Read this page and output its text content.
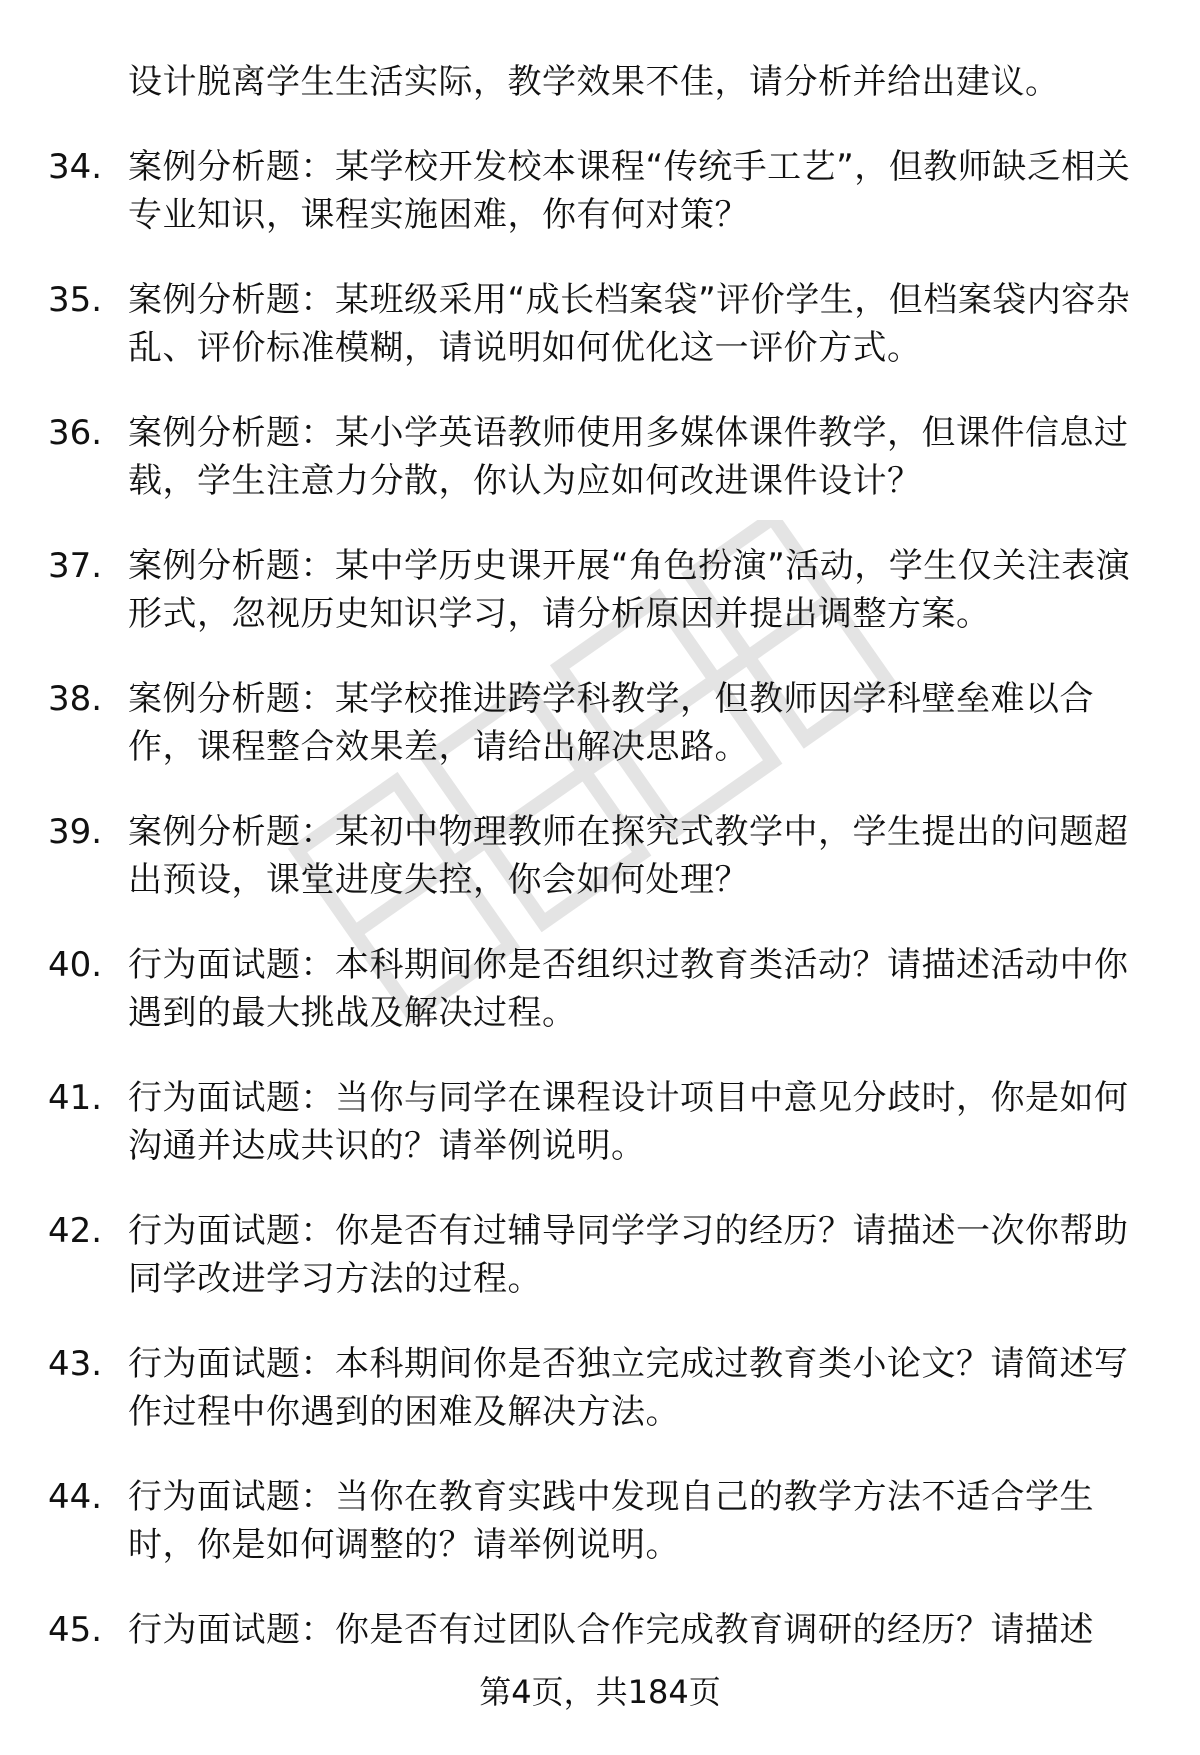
设计脱离学生生活实际，教学效果不佳，请分析并给出建议。
34. 案例分析题：某学校开发校本课程“传统手工艺”，但教师缺乏相关专业知识，课程实施困难，你有何对策？
35. 案例分析题：某班级采用“成长档案袋”评价学生，但档案袋内容杂乱、评价标准模糊，请说明如何优化这一评价方式。
36. 案例分析题：某小学英语教师使用多媒体课件教学，但课件信息过载，学生注意力分散，你认为应如何改进课件设计？
37. 案例分析题：某中学历史课开展“角色扮演”活动，学生仅关注表演形式，忽视历史知识学习，请分析原因并提出调整方案。
38. 案例分析题：某学校推进跨学科教学，但教师因学科壁垒难以合作，课程整合效果差，请给出解决思路。
39. 案例分析题：某初中物理教师在探究式教学中，学生提出的问题超出预设，课堂进度失控，你会如何处理？
40. 行为面试题：本科期间你是否组织过教育类活动？请描述活动中你遇到的最大挑战及解决过程。
41. 行为面试题：当你与同学在课程设计项目中意见分歧时，你是如何沟通并达成共识的？请举例说明。
42. 行为面试题：你是否有过辅导同学学习的经历？请描述一次你帮助同学改进学习方法的过程。
43. 行为面试题：本科期间你是否独立完成过教育类小论文？请简述写作过程中你遇到的困难及解决方法。
44. 行为面试题：当你在教育实践中发现自己的教学方法不适合学生时，你是如何调整的？请举例说明。
45. 行为面试题：你是否有过团队合作完成教育调研的经历？请描述
第4页，共184页
